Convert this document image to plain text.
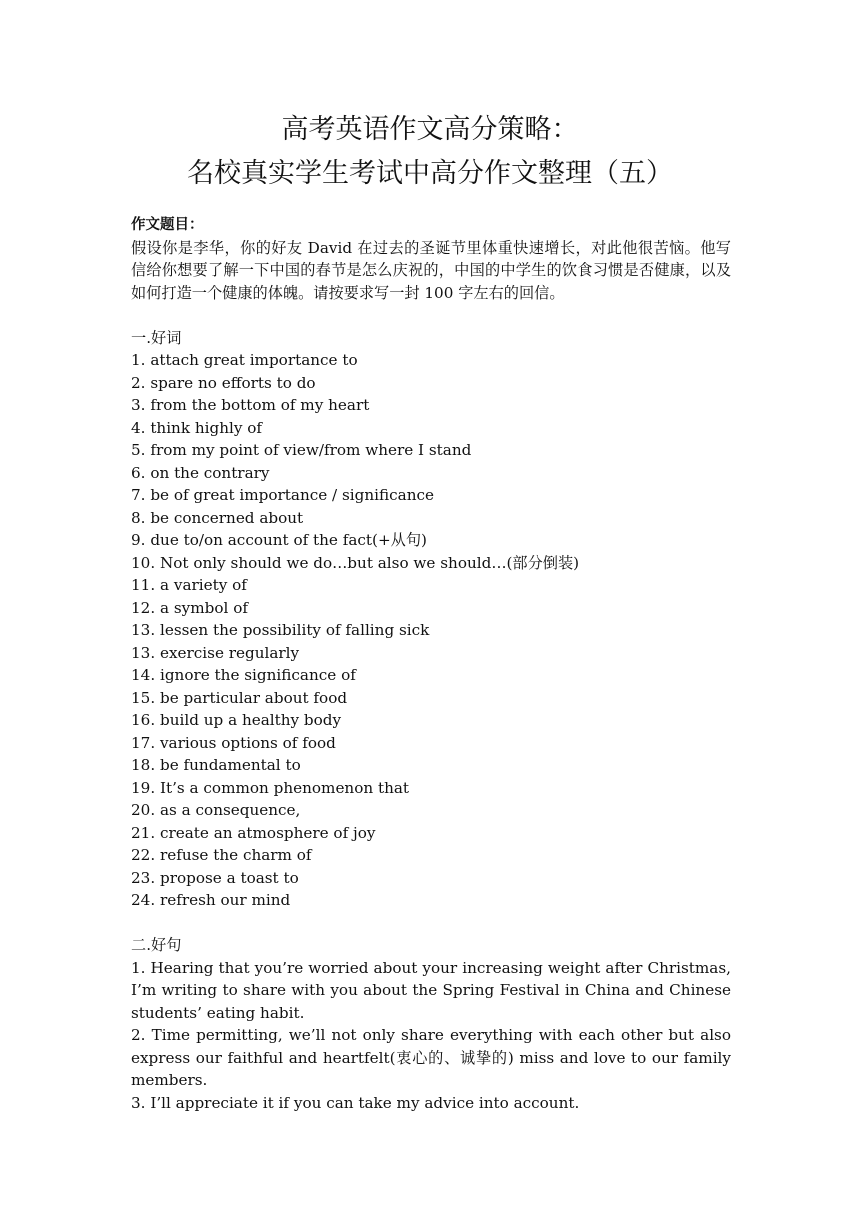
高考英语作文高分策略：
名校真实学生考试中高分作文整理（五）
作文题目：
假设你是李华，你的好友 David 在过去的圣诞节里体重快速增长，对此他很苦恼。他写信给你想要了解一下中国的春节是怎么庆祝的，中国的中学生的饮食习惯是否健康，以及如何打造一个健康的体魄。请按要求写一封 100 字左右的回信。
一.好词
1. attach great importance to
2. spare no efforts to do
3. from the bottom of my heart
4. think highly of
5. from my point of view/from where I stand
6. on the contrary
7. be of great importance / significance
8. be concerned about
9. due to/on account of the fact(+从句)
10. Not only should we do…but also we should…(部分倒装)
11. a variety of
12. a symbol of
13. lessen the possibility of falling sick
13. exercise regularly
14. ignore the significance of
15. be particular about food
16. build up a healthy body
17. various options of food
18. be fundamental to
19. It’s a common phenomenon that
20. as a consequence,
21. create an atmosphere of joy
22. refuse the charm of
23. propose a toast to
24. refresh our mind
二.好句

1. Hearing that you’re worried about your increasing weight after Christmas, I’m writing to share with you about the Spring Festival in China and Chinese students’ eating habit.

2. Time permitting, we’ll not only share everything with each other but also express our faithful and heartfelt(衷心的、诚挚的) miss and love to our family members.

3. I’ll appreciate it if you can take my advice into account.
